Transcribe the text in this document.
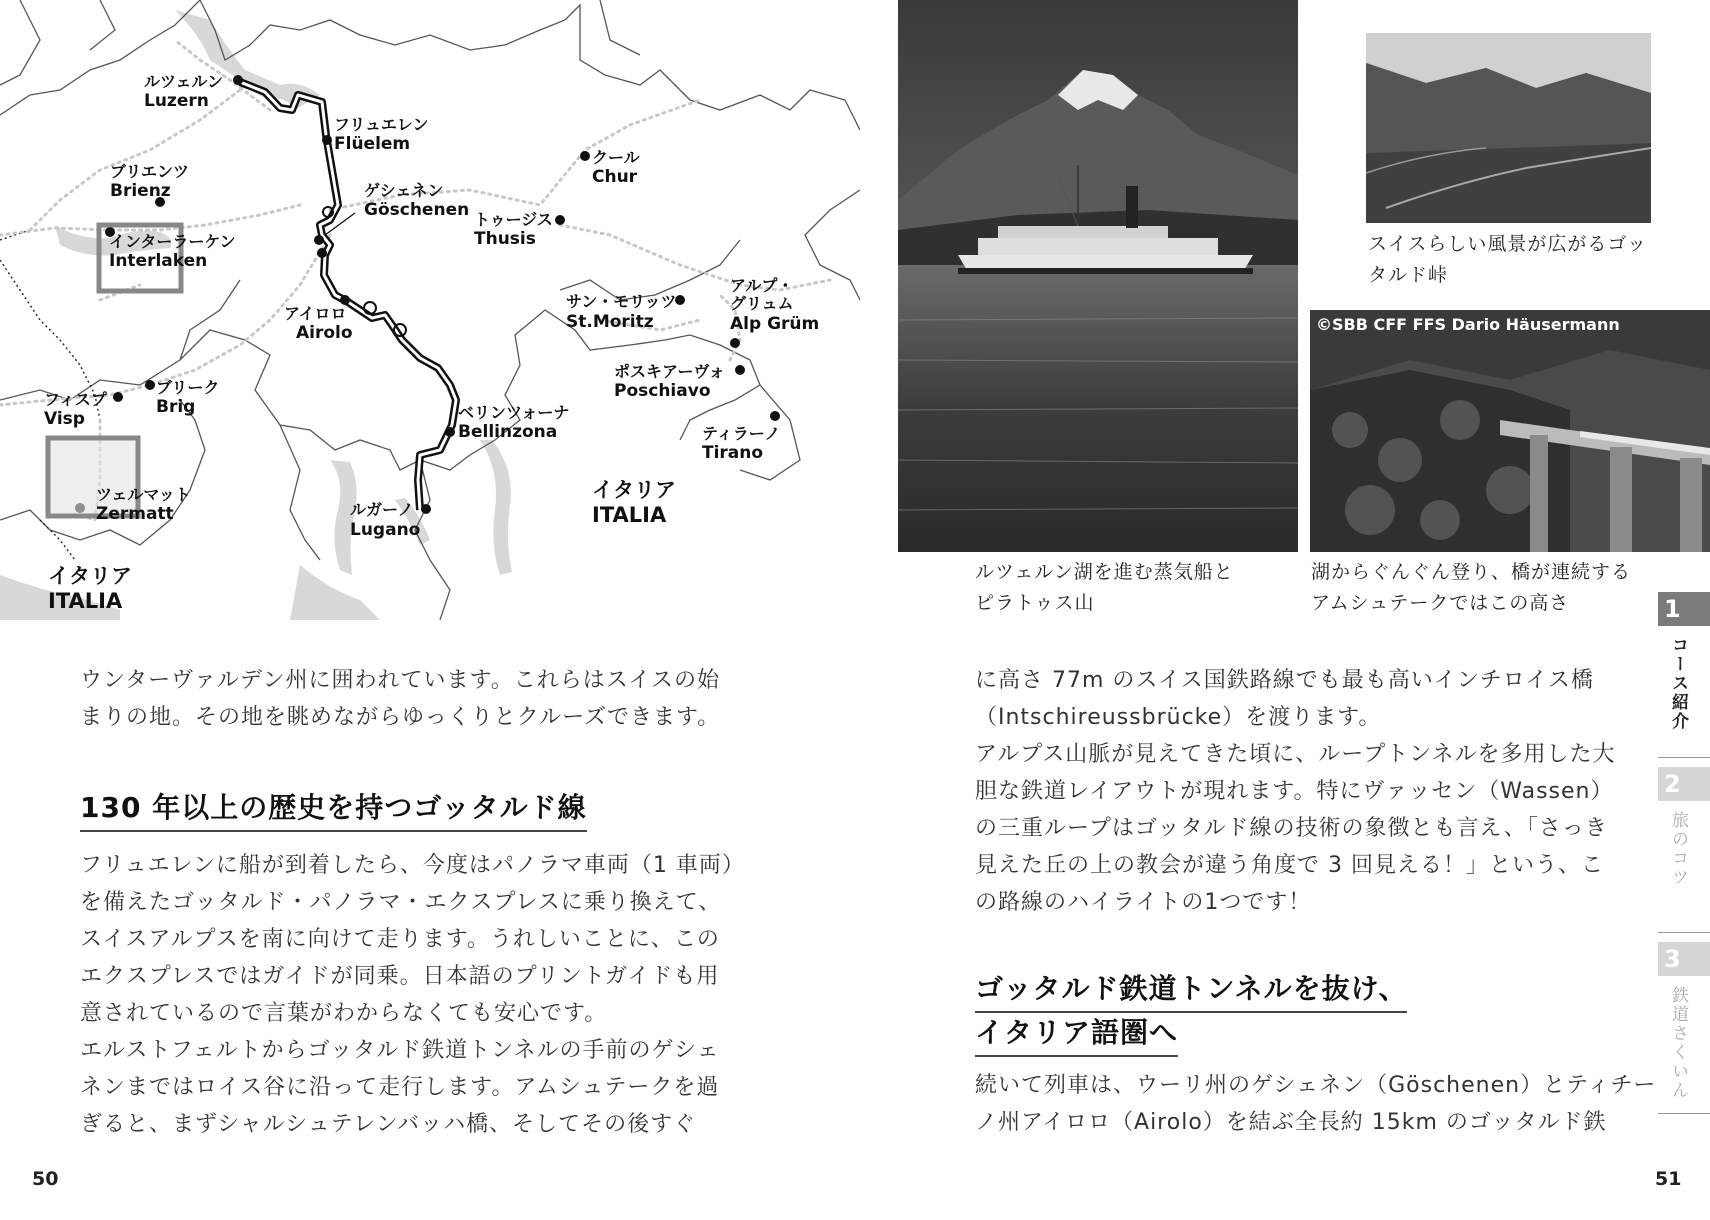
ルツェルン
Luzern
フリュエレン
Flüelem
ブリエンツ
Brienz	ゲシェネン
Göschenen
インターラーケン
Interlaken
クール
Chur
トゥージス
Thusis
アイロロ
Airolo
サン・モリッツ
St.Moritz
アルプ・
グリュム
Alp Grüm
ポスキアーヴォ
Poschiavo
フィスプ
Visp
ブリーク
Brig	ベリンツォーナ
Bellinzona	ティラーノ
Tirano
ツェルマット
Zermatt	ルガーノ
Lugano
イタリア
ITALIA
イタリア
ITALIA
ルツェルン湖を進む蒸気船と
ピラトゥス山
スイスらしい風景が広がるゴッ
タルド峠
©SBB CFF FFS Dario Häusermann
湖からぐんぐん登り、橋が連続する
アムシュテークではこの高さ

ウンターヴァルデン州に囲われています。これらはスイスの始

まりの地。その地を眺めながらゆっくりとクルーズできます。

130 年以上の歴史を持つゴッタルド線

フリュエレンに船が到着したら、今度はパノラマ車両（1 車両）

を備えたゴッタルド・パノラマ・エクスプレスに乗り換えて、

スイスアルプスを南に向けて走ります。うれしいことに、この

エクスプレスではガイドが同乗。日本語のプリントガイドも用

意されているので言葉がわからなくても安心です。

エルストフェルトからゴッタルド鉄道トンネルの手前のゲシェ

ネンまではロイス谷に沿って走行します。アムシュテークを過

ぎると、まずシャルシュテレンバッハ橋、そしてその後すぐ

50

に高さ 77m のスイス国鉄路線でも最も高いインチロイス橋

（Intschireussbrücke）を渡ります。

アルプス山脈が見えてきた頃に、ループトンネルを多用した大

胆な鉄道レイアウトが現れます。特にヴァッセン（Wassen）

の三重ループはゴッタルド線の技術の象徴とも言え、「さっき

見えた丘の上の教会が違う角度で 3 回見える！」という、こ

の路線のハイライトの1つです！

ゴッタルド鉄道トンネルを抜け、
イタリア語圏へ

続いて列車は、ウーリ州のゲシェネン（Göschenen）とティチー

ノ州アイロロ（Airolo）を結ぶ全長約 15km のゴッタルド鉄

51
1
コース紹介
2
旅のコツ
3
鉄道さくいん
